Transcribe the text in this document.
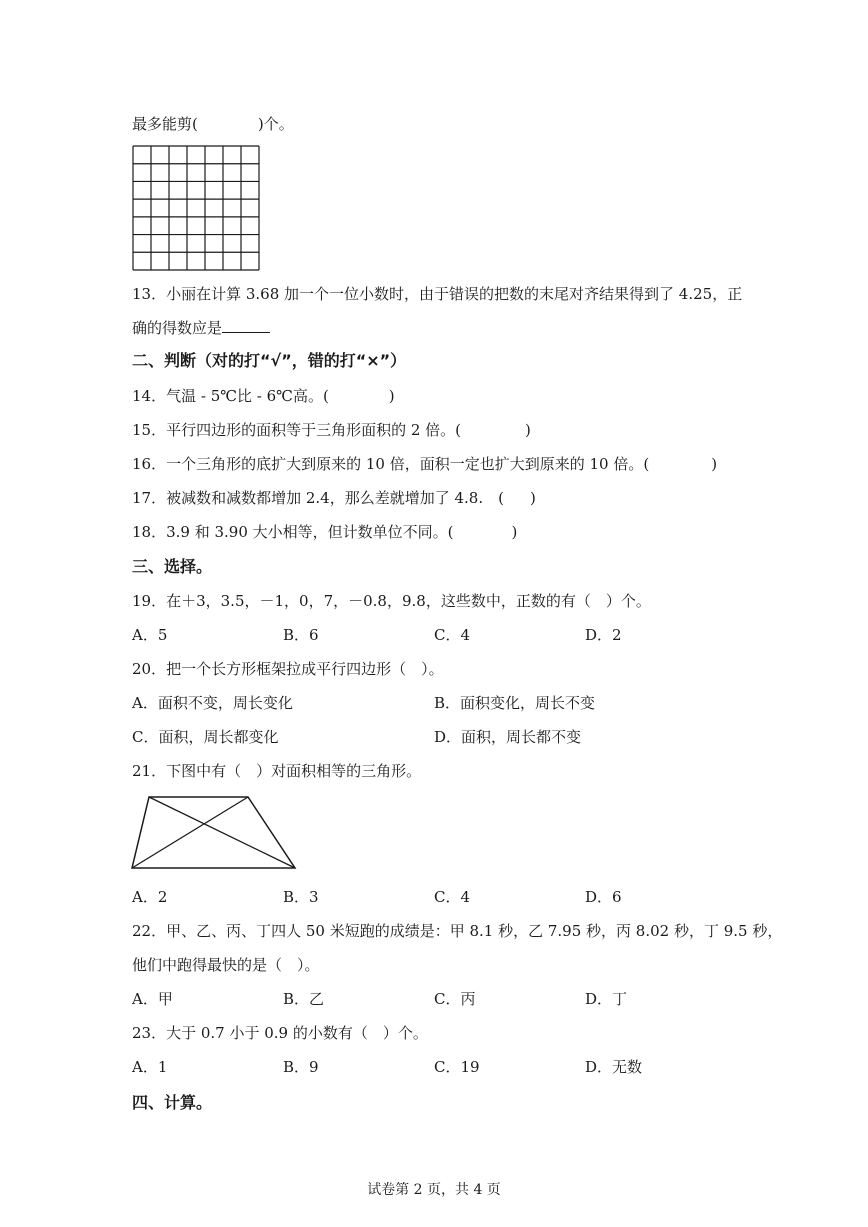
最多能剪(	)个。
13．小丽在计算 3.68 加一个一位小数时，由于错误的把数的末尾对齐结果得到了 4.25，正
确的得数应是
二、判断（对的打“√”，错的打“×”）
14．气温 - 5℃比 - 6℃高。(	)
15．平行四边形的面积等于三角形面积的 2 倍。(	)
16．一个三角形的底扩大到原来的 10 倍，面积一定也扩大到原来的 10 倍。(	)
17．被减数和减数都增加 2.4，那么差就增加了 4.8.　( )
18．3.9 和 3.90 大小相等，但计数单位不同。(	)
三、选择。
19．在＋3，3.5，－1，0，7，－0.8，9.8，这些数中，正数的有（　）个。
A．5	B．6	C．4	D．2
20．把一个长方形框架拉成平行四边形（　）。
A．面积不变，周长变化	B．面积变化，周长不变
C．面积，周长都变化	D．面积，周长都不变
21．下图中有（　）对面积相等的三角形。
A．2	B．3	C．4	D．6
22．甲、乙、丙、丁四人 50 米短跑的成绩是：甲 8.1 秒，乙 7.95 秒，丙 8.02 秒，丁 9.5 秒，
他们中跑得最快的是（　）。
A．甲	B．乙	C．丙	D．丁
23．大于 0.7 小于 0.9 的小数有（　）个。
A．1	B．9	C．19	D．无数
四、计算。
试卷第 2 页，共 4 页
